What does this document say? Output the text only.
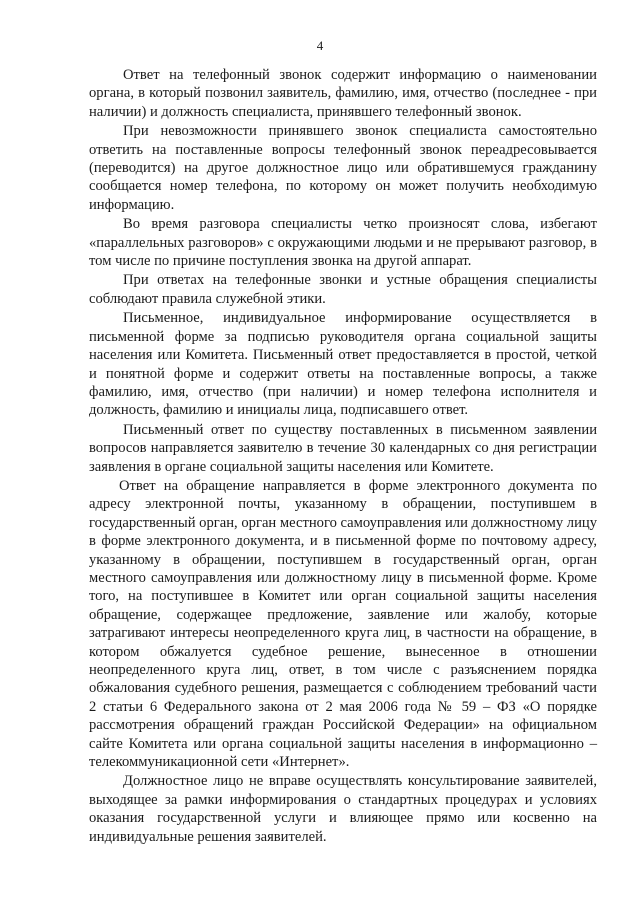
4

Ответ на телефонный звонок содержит информацию о наименовании органа, в который позвонил заявитель, фамилию, имя, отчество (последнее - при наличии) и должность специалиста, принявшего телефонный звонок.

При невозможности принявшего звонок специалиста самостоятельно ответить на поставленные вопросы телефонный звонок переадресовывается (переводится) на другое должностное лицо или обратившемуся гражданину сообщается номер телефона, по которому он может получить необходимую информацию.

Во время разговора специалисты четко произносят слова, избегают «параллельных разговоров» с окружающими людьми и не прерывают разговор, в том числе по причине поступления звонка на другой аппарат.

При ответах на телефонные звонки и устные обращения специалисты соблюдают правила служебной этики.

Письменное, индивидуальное информирование осуществляется в письменной форме за подписью руководителя органа социальной защиты населения или Комитета. Письменный ответ предоставляется в простой, четкой и понятной форме и содержит ответы на поставленные вопросы, а также фамилию, имя, отчество (при наличии) и номер телефона исполнителя и должность, фамилию и инициалы лица, подписавшего ответ.

Письменный ответ по существу поставленных в письменном заявлении вопросов направляется заявителю в течение 30 календарных со дня регистрации заявления в органе социальной защиты населения или Комитете.

Ответ на обращение направляется в форме электронного документа по адресу электронной почты, указанному в обращении, поступившем в государственный орган, орган местного самоуправления или должностному лицу в форме электронного документа, и в письменной форме по почтовому адресу, указанному в обращении, поступившем в государственный орган, орган местного самоуправления или должностному лицу в письменной форме. Кроме того, на поступившее в Комитет или орган социальной защиты населения обращение, содержащее предложение, заявление или жалобу, которые затрагивают интересы неопределенного круга лиц, в частности на обращение, в котором обжалуется судебное решение, вынесенное в отношении неопределенного круга лиц, ответ, в том числе с разъяснением порядка обжалования судебного решения, размещается с соблюдением требований части 2 статьи 6 Федерального закона от 2 мая 2006 года № 59 – ФЗ «О порядке рассмотрения обращений граждан Российской Федерации» на официальном сайте Комитета или органа социальной защиты населения в информационно – телекоммуникационной сети «Интернет».

Должностное лицо не вправе осуществлять консультирование заявителей, выходящее за рамки информирования о стандартных процедурах и условиях оказания государственной услуги и влияющее прямо или косвенно на индивидуальные решения заявителей.
